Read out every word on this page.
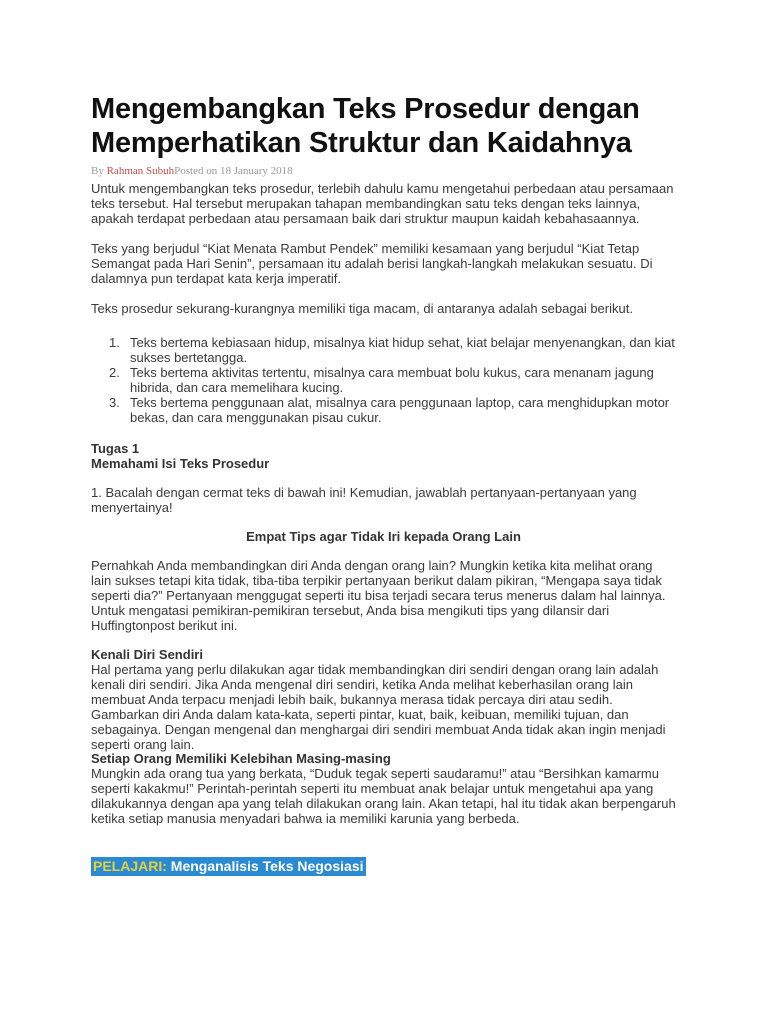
Mengembangkan Teks Prosedur dengan Memperhatikan Struktur dan Kaidahnya
By Rahman SubuhPosted on 18 January 2018

Untuk mengembangkan teks prosedur, terlebih dahulu kamu mengetahui perbedaan atau persamaan teks tersebut. Hal tersebut merupakan tahapan membandingkan satu teks dengan teks lainnya, apakah terdapat perbedaan atau persamaan baik dari struktur maupun kaidah kebahasaannya.

Teks yang berjudul “Kiat Menata Rambut Pendek” memiliki kesamaan yang berjudul “Kiat Tetap Semangat pada Hari Senin”, persamaan itu adalah berisi langkah-langkah melakukan sesuatu. Di dalamnya pun terdapat kata kerja imperatif.

Teks prosedur sekurang-kurangnya memiliki tiga macam, di antaranya adalah sebagai berikut.

1. Teks bertema kebiasaan hidup, misalnya kiat hidup sehat, kiat belajar menyenangkan, dan kiat sukses bertetangga.
2. Teks bertema aktivitas tertentu, misalnya cara membuat bolu kukus, cara menanam jagung hibrida, dan cara memelihara kucing.
3. Teks bertema penggunaan alat, misalnya cara penggunaan laptop, cara menghidupkan motor bekas, dan cara menggunakan pisau cukur.

Tugas 1

Memahami Isi Teks Prosedur

1. Bacalah dengan cermat teks di bawah ini! Kemudian, jawablah pertanyaan-pertanyaan yang menyertainya!

Empat Tips agar Tidak Iri kepada Orang Lain

Pernahkah Anda membandingkan diri Anda dengan orang lain? Mungkin ketika kita melihat orang lain sukses tetapi kita tidak, tiba-tiba terpikir pertanyaan berikut dalam pikiran, “Mengapa saya tidak seperti dia?” Pertanyaan menggugat seperti itu bisa terjadi secara terus menerus dalam hal lainnya. Untuk mengatasi pemikiran-pemikiran tersebut, Anda bisa mengikuti tips yang dilansir dari Huffingtonpost berikut ini.

Kenali Diri Sendiri

Hal pertama yang perlu dilakukan agar tidak membandingkan diri sendiri dengan orang lain adalah kenali diri sendiri. Jika Anda mengenal diri sendiri, ketika Anda melihat keberhasilan orang lain membuat Anda terpacu menjadi lebih baik, bukannya merasa tidak percaya diri atau sedih. Gambarkan diri Anda dalam kata-kata, seperti pintar, kuat, baik, keibuan, memiliki tujuan, dan sebagainya. Dengan mengenal dan menghargai diri sendiri membuat Anda tidak akan ingin menjadi seperti orang lain.

Setiap Orang Memiliki Kelebihan Masing-masing

Mungkin ada orang tua yang berkata, “Duduk tegak seperti saudaramu!” atau “Bersihkan kamarmu seperti kakakmu!” Perintah-perintah seperti itu membuat anak belajar untuk mengetahui apa yang dilakukannya dengan apa yang telah dilakukan orang lain. Akan tetapi, hal itu tidak akan berpengaruh ketika setiap manusia menyadari bahwa ia memiliki karunia yang berbeda.

PELAJARI: Menganalisis Teks Negosiasi
